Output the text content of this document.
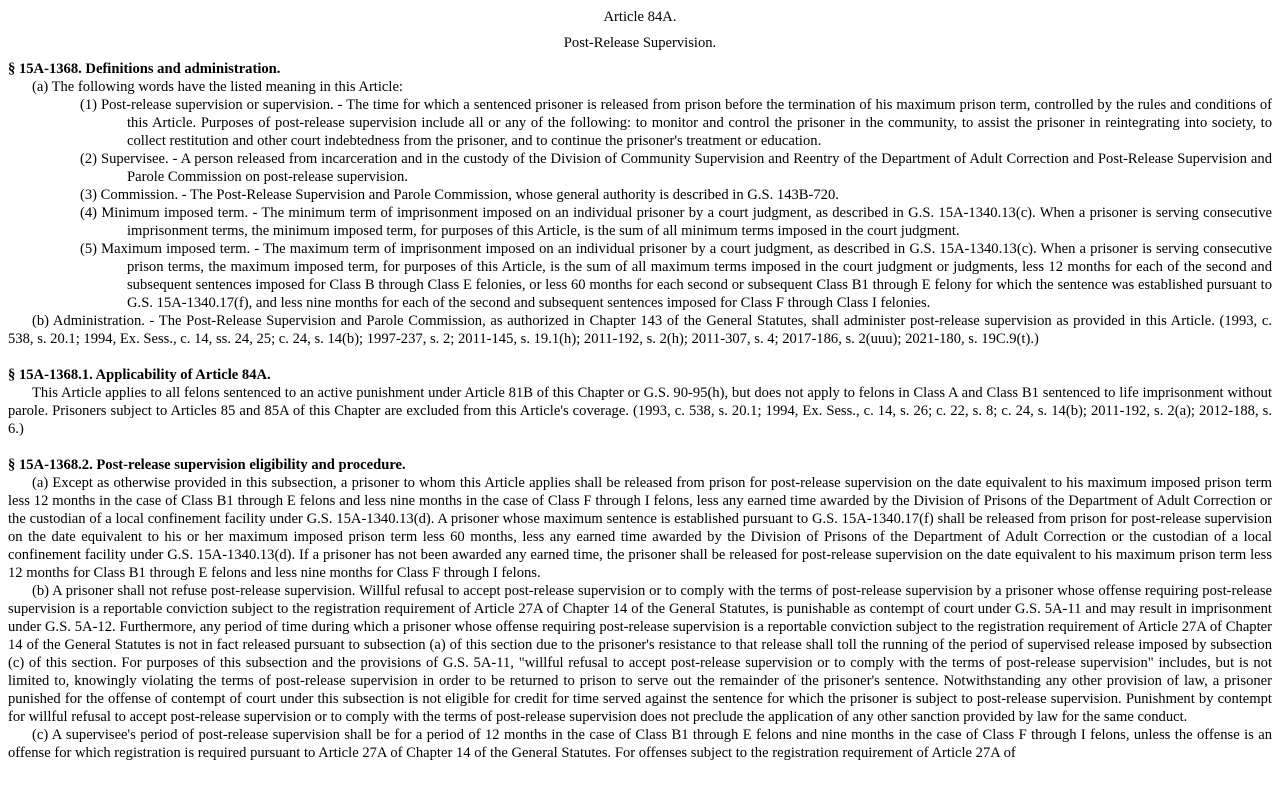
Article 84A.

Post-Release Supervision.

§ 15A-1368. Definitions and administration.

(a) The following words have the listed meaning in this Article:

(1) Post-release supervision or supervision. - The time for which a sentenced prisoner is released from prison before the termination of his maximum prison term, controlled by the rules and conditions of this Article. Purposes of post-release supervision include all or any of the following: to monitor and control the prisoner in the community, to assist the prisoner in reintegrating into society, to collect restitution and other court indebtedness from the prisoner, and to continue the prisoner's treatment or education.

(2) Supervisee. - A person released from incarceration and in the custody of the Division of Community Supervision and Reentry of the Department of Adult Correction and Post-Release Supervision and Parole Commission on post-release supervision.

(3) Commission. - The Post-Release Supervision and Parole Commission, whose general authority is described in G.S. 143B-720.

(4) Minimum imposed term. - The minimum term of imprisonment imposed on an individual prisoner by a court judgment, as described in G.S. 15A-1340.13(c). When a prisoner is serving consecutive imprisonment terms, the minimum imposed term, for purposes of this Article, is the sum of all minimum terms imposed in the court judgment.

(5) Maximum imposed term. - The maximum term of imprisonment imposed on an individual prisoner by a court judgment, as described in G.S. 15A-1340.13(c). When a prisoner is serving consecutive prison terms, the maximum imposed term, for purposes of this Article, is the sum of all maximum terms imposed in the court judgment or judgments, less 12 months for each of the second and subsequent sentences imposed for Class B through Class E felonies, or less 60 months for each second or subsequent Class B1 through E felony for which the sentence was established pursuant to G.S. 15A-1340.17(f), and less nine months for each of the second and subsequent sentences imposed for Class F through Class I felonies.

(b) Administration. - The Post-Release Supervision and Parole Commission, as authorized in Chapter 143 of the General Statutes, shall administer post-release supervision as provided in this Article. (1993, c. 538, s. 20.1; 1994, Ex. Sess., c. 14, ss. 24, 25; c. 24, s. 14(b); 1997-237, s. 2; 2011-145, s. 19.1(h); 2011-192, s. 2(h); 2011-307, s. 4; 2017-186, s. 2(uuu); 2021-180, s. 19C.9(t).)

§ 15A-1368.1. Applicability of Article 84A.

This Article applies to all felons sentenced to an active punishment under Article 81B of this Chapter or G.S. 90-95(h), but does not apply to felons in Class A and Class B1 sentenced to life imprisonment without parole. Prisoners subject to Articles 85 and 85A of this Chapter are excluded from this Article's coverage. (1993, c. 538, s. 20.1; 1994, Ex. Sess., c. 14, s. 26; c. 22, s. 8; c. 24, s. 14(b); 2011-192, s. 2(a); 2012-188, s. 6.)

§ 15A-1368.2. Post-release supervision eligibility and procedure.

(a) Except as otherwise provided in this subsection, a prisoner to whom this Article applies shall be released from prison for post-release supervision on the date equivalent to his maximum imposed prison term less 12 months in the case of Class B1 through E felons and less nine months in the case of Class F through I felons, less any earned time awarded by the Division of Prisons of the Department of Adult Correction or the custodian of a local confinement facility under G.S. 15A-1340.13(d). A prisoner whose maximum sentence is established pursuant to G.S. 15A-1340.17(f) shall be released from prison for post-release supervision on the date equivalent to his or her maximum imposed prison term less 60 months, less any earned time awarded by the Division of Prisons of the Department of Adult Correction or the custodian of a local confinement facility under G.S. 15A-1340.13(d). If a prisoner has not been awarded any earned time, the prisoner shall be released for post-release supervision on the date equivalent to his maximum prison term less 12 months for Class B1 through E felons and less nine months for Class F through I felons.

(b) A prisoner shall not refuse post-release supervision. Willful refusal to accept post-release supervision or to comply with the terms of post-release supervision by a prisoner whose offense requiring post-release supervision is a reportable conviction subject to the registration requirement of Article 27A of Chapter 14 of the General Statutes, is punishable as contempt of court under G.S. 5A-11 and may result in imprisonment under G.S. 5A-12. Furthermore, any period of time during which a prisoner whose offense requiring post-release supervision is a reportable conviction subject to the registration requirement of Article 27A of Chapter 14 of the General Statutes is not in fact released pursuant to subsection (a) of this section due to the prisoner's resistance to that release shall toll the running of the period of supervised release imposed by subsection (c) of this section. For purposes of this subsection and the provisions of G.S. 5A-11, "willful refusal to accept post-release supervision or to comply with the terms of post-release supervision" includes, but is not limited to, knowingly violating the terms of post-release supervision in order to be returned to prison to serve out the remainder of the prisoner's sentence. Notwithstanding any other provision of law, a prisoner punished for the offense of contempt of court under this subsection is not eligible for credit for time served against the sentence for which the prisoner is subject to post-release supervision. Punishment by contempt for willful refusal to accept post-release supervision or to comply with the terms of post-release supervision does not preclude the application of any other sanction provided by law for the same conduct.

(c) A supervisee's period of post-release supervision shall be for a period of 12 months in the case of Class B1 through E felons and nine months in the case of Class F through I felons, unless the offense is an offense for which registration is required pursuant to Article 27A of Chapter 14 of the General Statutes. For offenses subject to the registration requirement of Article 27A of
